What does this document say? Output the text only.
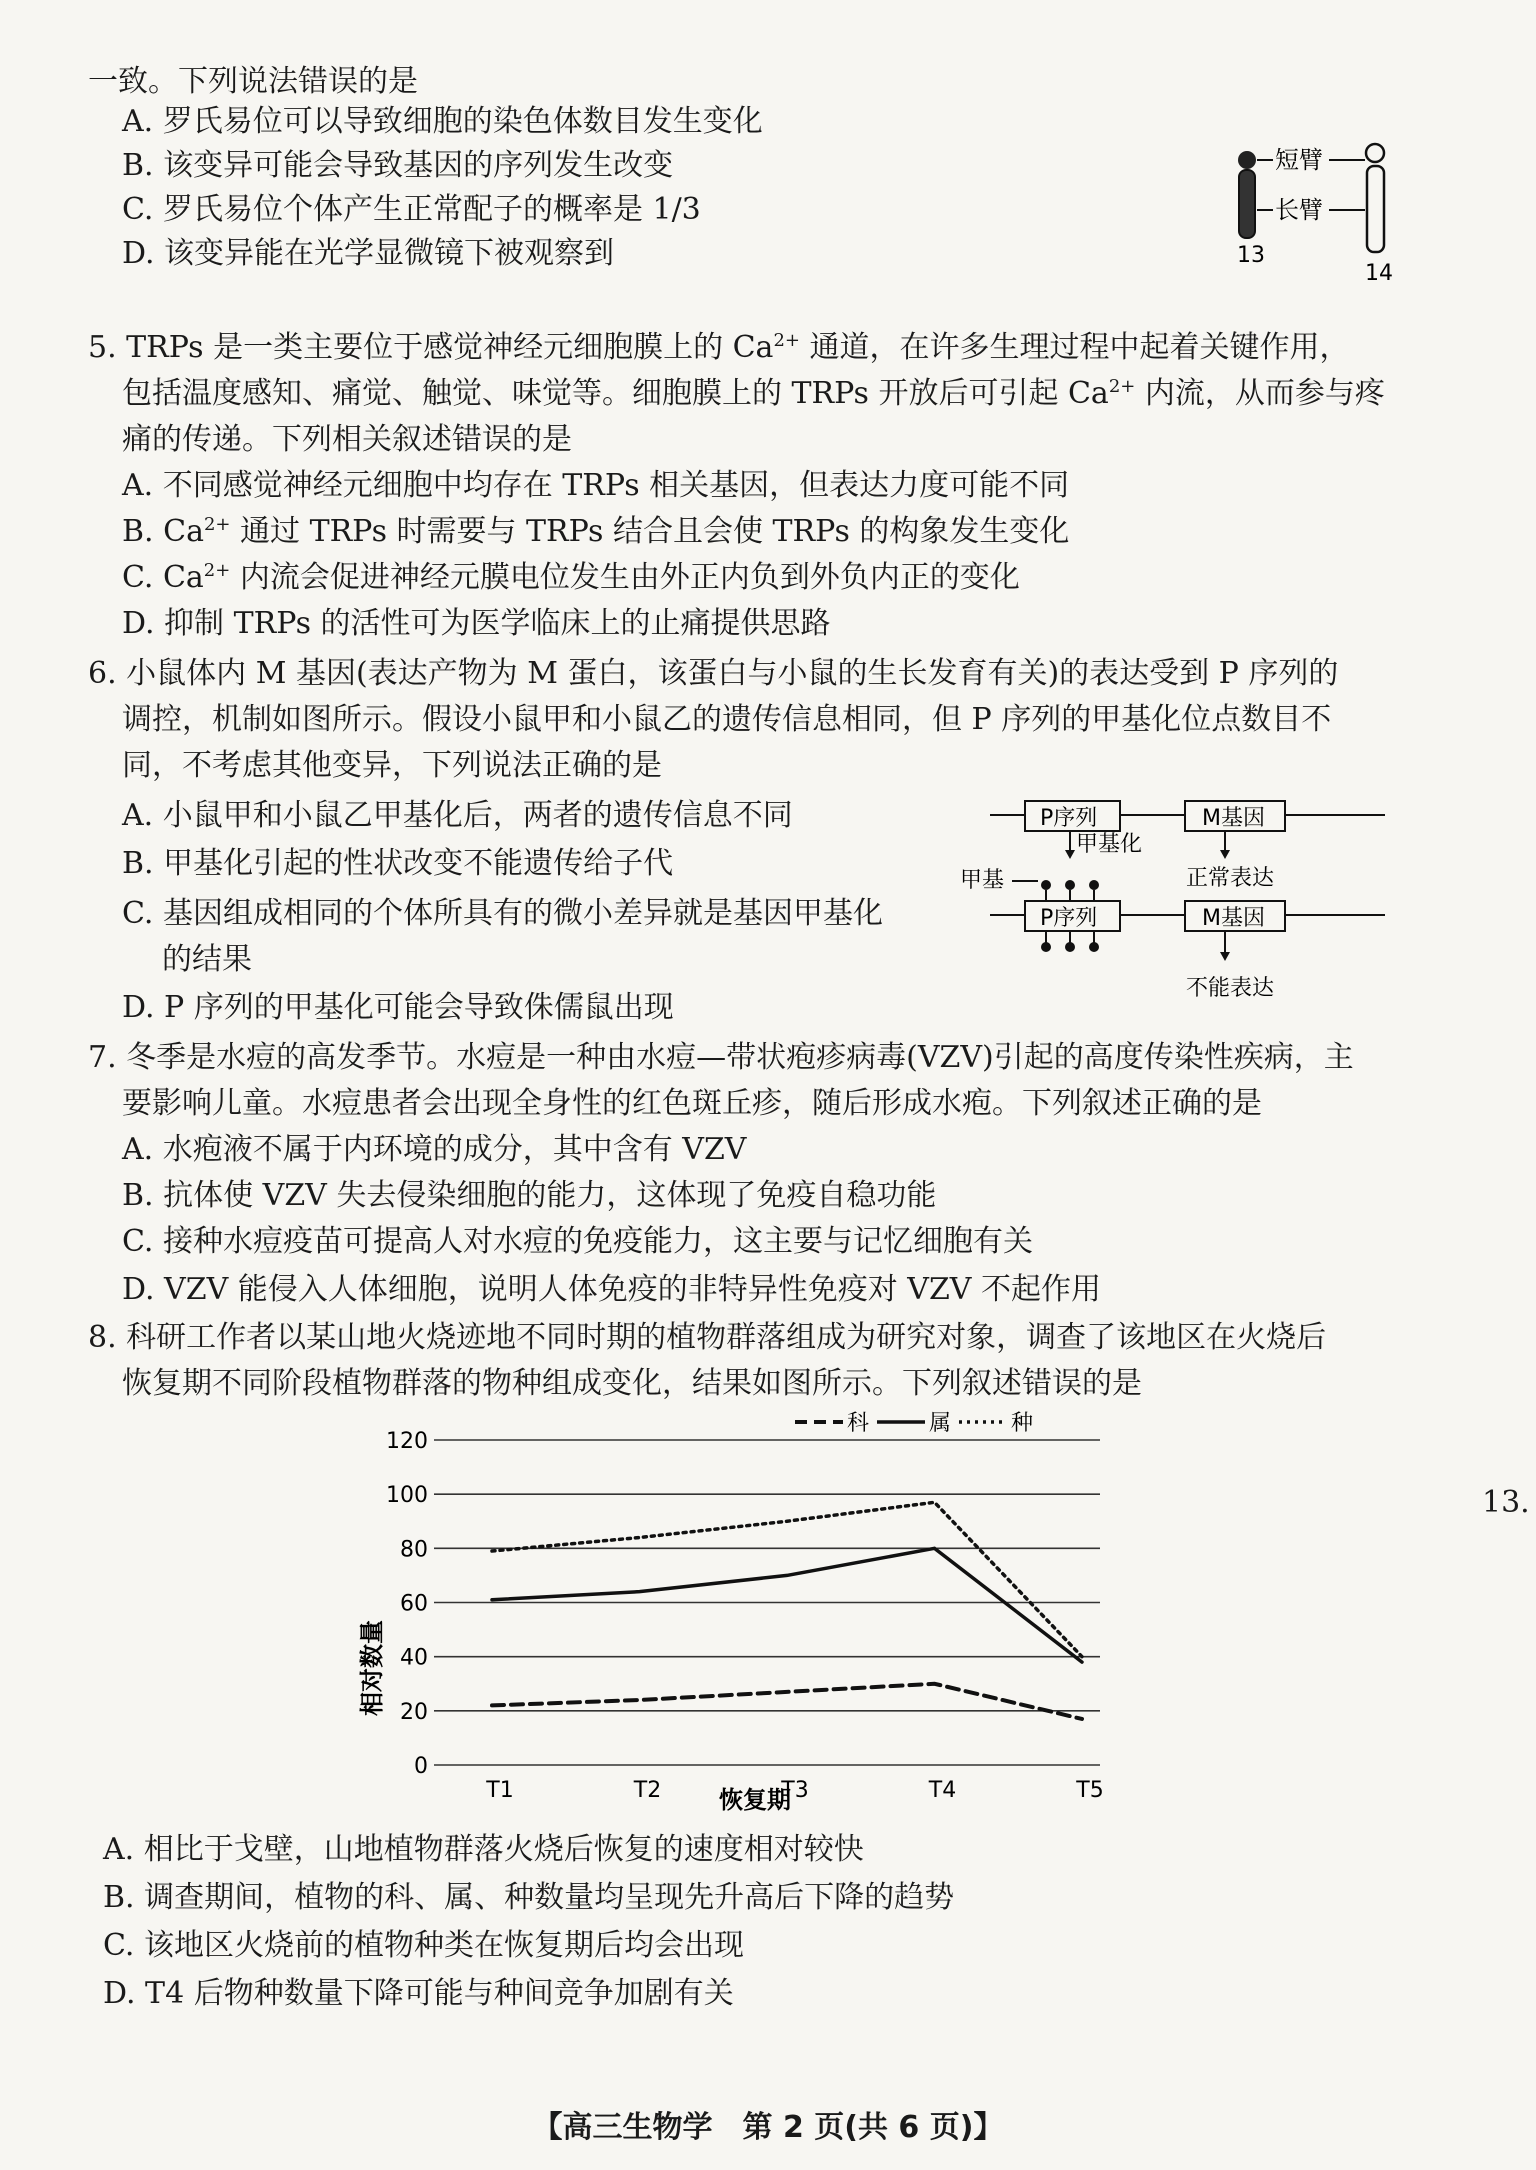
一致。下列说法错误的是
A. 罗氏易位可以导致细胞的染色体数目发生变化
B. 该变异可能会导致基因的序列发生改变
C. 罗氏易位个体产生正常配子的概率是 1/3
D. 该变异能在光学显微镜下被观察到
短臂
长臂
13
14
5. TRPs 是一类主要位于感觉神经元细胞膜上的 $Ca^{2+}$ 通道，在许多生理过程中起着关键作用，
包括温度感知、痛觉、触觉、味觉等。细胞膜上的 TRPs 开放后可引起 $Ca^{2+}$ 内流，从而参与疼
痛的传递。下列相关叙述错误的是
A. 不同感觉神经元细胞中均存在 TRPs 相关基因，但表达力度可能不同
B. $Ca^{2+}$ 通过 TRPs 时需要与 TRPs 结合且会使 TRPs 的构象发生变化
C. $Ca^{2+}$ 内流会促进神经元膜电位发生由外正内负到外负内正的变化
D. 抑制 TRPs 的活性可为医学临床上的止痛提供思路
6. 小鼠体内 M 基因(表达产物为 M 蛋白，该蛋白与小鼠的生长发育有关)的表达受到 P 序列的
调控，机制如图所示。假设小鼠甲和小鼠乙的遗传信息相同，但 P 序列的甲基化位点数目不
同，不考虑其他变异，下列说法正确的是
A. 小鼠甲和小鼠乙甲基化后，两者的遗传信息不同
B. 甲基化引起的性状改变不能遗传给子代
C. 基因组成相同的个体所具有的微小差异就是基因甲基化
的结果
D. P 序列的甲基化可能会导致侏儒鼠出现
P序列	M基因
正常表达
甲基化
甲基
P序列	M基因
不能表达
7. 冬季是水痘的高发季节。水痘是一种由水痘—带状疱疹病毒(VZV)引起的高度传染性疾病，主
要影响儿童。水痘患者会出现全身性的红色斑丘疹，随后形成水疱。下列叙述正确的是
A. 水疱液不属于内环境的成分，其中含有 VZV
B. 抗体使 VZV 失去侵染细胞的能力，这体现了免疫自稳功能
C. 接种水痘疫苗可提高人对水痘的免疫能力，这主要与记忆细胞有关
D. VZV 能侵入人体细胞，说明人体免疫的非特异性免疫对 VZV 不起作用
8. 科研工作者以某山地火烧迹地不同时期的植物群落组成为研究对象，调查了该地区在火烧后
恢复期不同阶段植物群落的物种组成变化，结果如图所示。下列叙述错误的是
0
20
40
60
80
100
120
T1	T2	T3	T4	T5
科	属	种
相对数量
恢复期
A. 相比于戈壁，山地植物群落火烧后恢复的速度相对较快
B. 调查期间，植物的科、属、种数量均呈现先升高后下降的趋势
C. 该地区火烧前的植物种类在恢复期后均会出现
D. T4 后物种数量下降可能与种间竞争加剧有关
【高三生物学　第 2 页(共 6 页)】
13.
